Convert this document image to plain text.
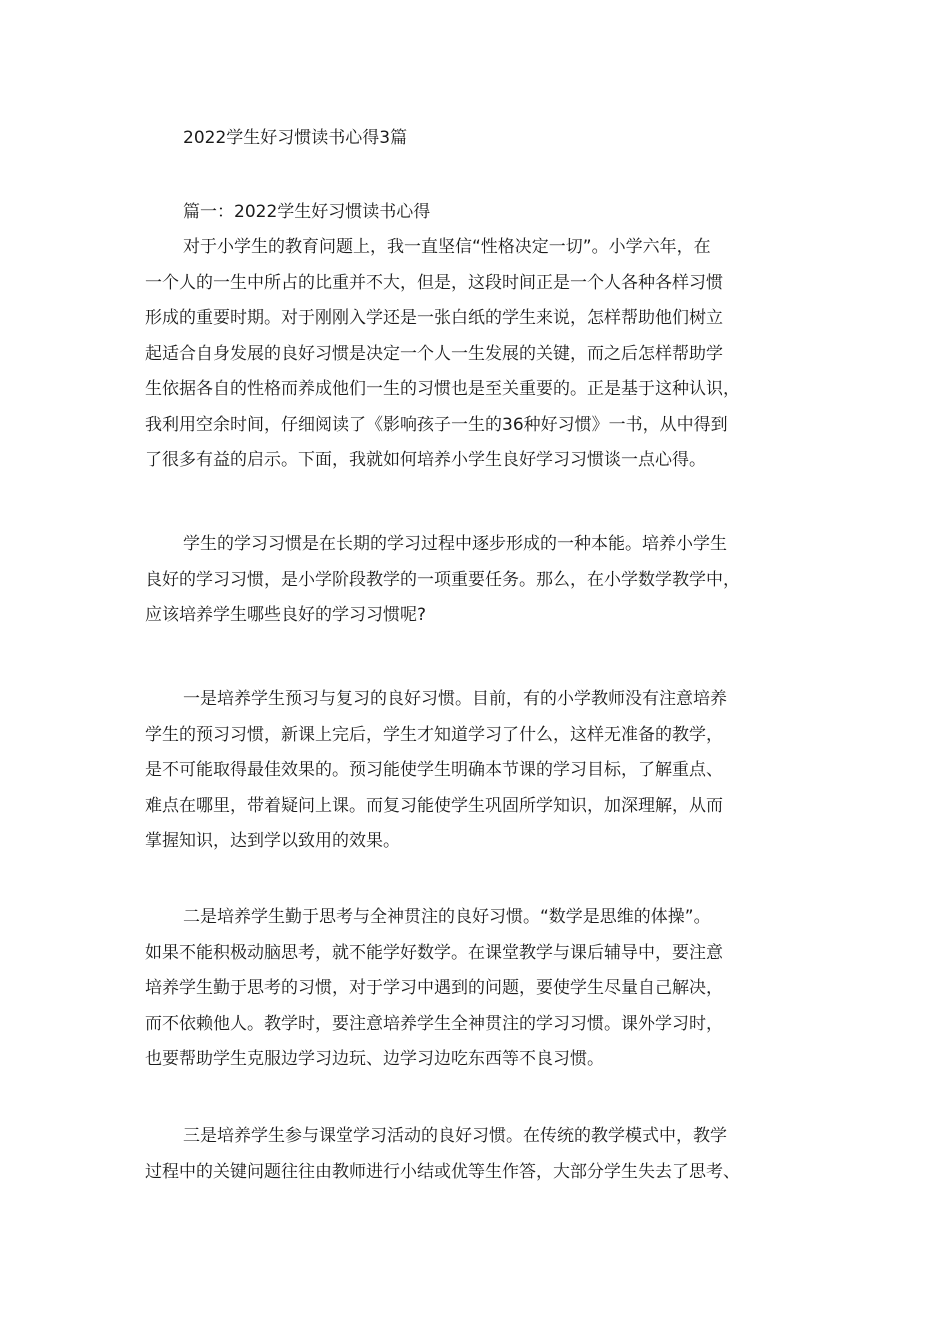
2022学生好习惯读书心得3篇
篇一：2022学生好习惯读书心得
对于小学生的教育问题上，我一直坚信“性格决定一切”。小学六年，在
一个人的一生中所占的比重并不大，但是，这段时间正是一个人各种各样习惯
形成的重要时期。对于刚刚入学还是一张白纸的学生来说，怎样帮助他们树立
起适合自身发展的良好习惯是决定一个人一生发展的关键，而之后怎样帮助学
生依据各自的性格而养成他们一生的习惯也是至关重要的。正是基于这种认识，
我利用空余时间，仔细阅读了《影响孩子一生的36种好习惯》一书，从中得到
了很多有益的启示。下面，我就如何培养小学生良好学习习惯谈一点心得。
学生的学习习惯是在长期的学习过程中逐步形成的一种本能。培养小学生
良好的学习习惯，是小学阶段教学的一项重要任务。那么，在小学数学教学中，
应该培养学生哪些良好的学习习惯呢?
一是培养学生预习与复习的良好习惯。目前，有的小学教师没有注意培养
学生的预习习惯，新课上完后，学生才知道学习了什么，这样无准备的教学，
是不可能取得最佳效果的。预习能使学生明确本节课的学习目标，了解重点、
难点在哪里，带着疑问上课。而复习能使学生巩固所学知识，加深理解，从而
掌握知识，达到学以致用的效果。
二是培养学生勤于思考与全神贯注的良好习惯。“数学是思维的体操”。
如果不能积极动脑思考，就不能学好数学。在课堂教学与课后辅导中，要注意
培养学生勤于思考的习惯，对于学习中遇到的问题，要使学生尽量自己解决，
而不依赖他人。教学时，要注意培养学生全神贯注的学习习惯。课外学习时，
也要帮助学生克服边学习边玩、边学习边吃东西等不良习惯。
三是培养学生参与课堂学习活动的良好习惯。在传统的教学模式中，教学
过程中的关键问题往往由教师进行小结或优等生作答，大部分学生失去了思考、
